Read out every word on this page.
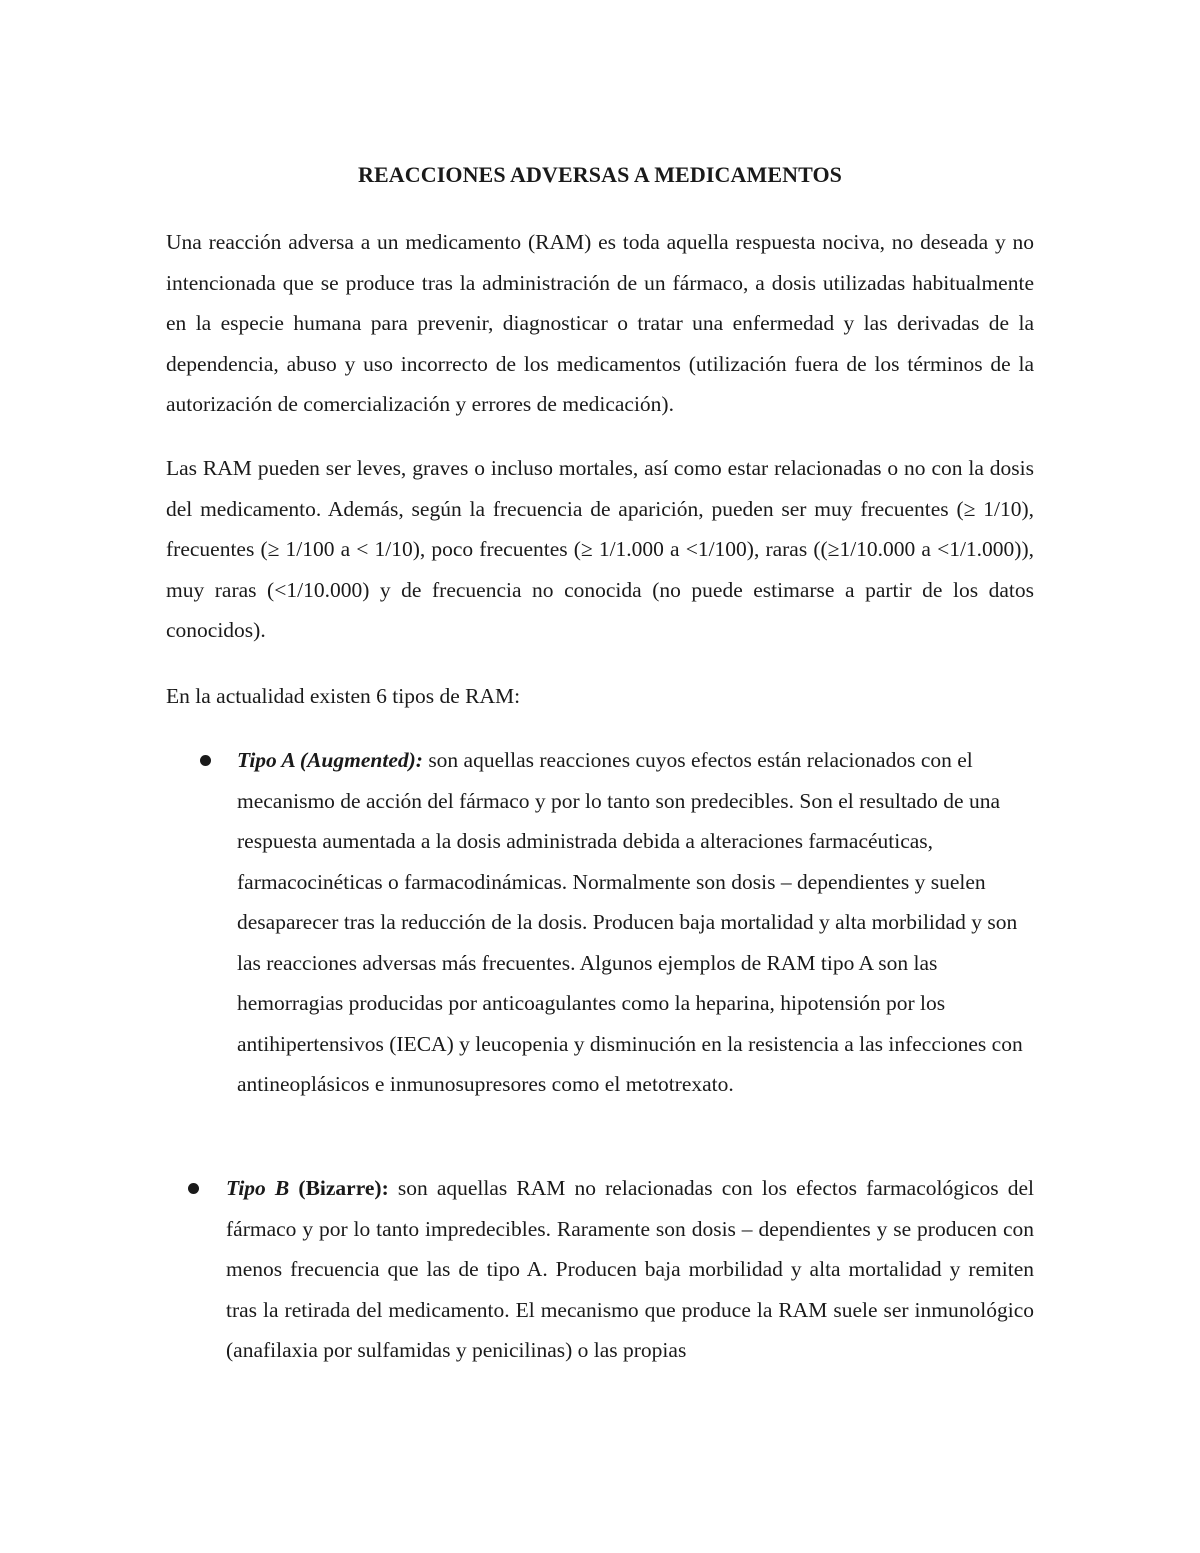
REACCIONES ADVERSAS A MEDICAMENTOS

Una reacción adversa a un medicamento (RAM) es toda aquella respuesta nociva, no deseada y no intencionada que se produce tras la administración de un fármaco, a dosis utilizadas habitualmente en la especie humana para prevenir, diagnosticar o tratar una enfermedad y las derivadas de la dependencia, abuso y uso incorrecto de los medicamentos (utilización fuera de los términos de la autorización de comercialización y errores de medicación).

Las RAM pueden ser leves, graves o incluso mortales, así como estar relacionadas o no con la dosis del medicamento. Además, según la frecuencia de aparición, pueden ser muy frecuentes (≥ 1/10), frecuentes (≥ 1/100 a < 1/10), poco frecuentes (≥ 1/1.000 a <1/100), raras ((≥1/10.000 a <1/1.000)), muy raras (<1/10.000) y de frecuencia no conocida (no puede estimarse a partir de los datos conocidos).

En la actualidad existen 6 tipos de RAM:

Tipo A (Augmented): son aquellas reacciones cuyos efectos están relacionados con el mecanismo de acción del fármaco y por lo tanto son predecibles. Son el resultado de una respuesta aumentada a la dosis administrada debida a alteraciones farmacéuticas, farmacocinéticas o farmacodinámicas. Normalmente son dosis – dependientes y suelen desaparecer tras la reducción de la dosis. Producen baja mortalidad y alta morbilidad y son las reacciones adversas más frecuentes. Algunos ejemplos de RAM tipo A son las hemorragias producidas por anticoagulantes como la heparina, hipotensión por los antihipertensivos (IECA) y leucopenia y disminución en la resistencia a las infecciones con antineoplásicos e inmunosupresores como el metotrexato.

Tipo B (Bizarre): son aquellas RAM no relacionadas con los efectos farmacológicos del fármaco y por lo tanto impredecibles. Raramente son dosis – dependientes y se producen con menos frecuencia que las de tipo A. Producen baja morbilidad y alta mortalidad y remiten tras la retirada del medicamento. El mecanismo que produce la RAM suele ser inmunológico (anafilaxia por sulfamidas y penicilinas) o las propias
